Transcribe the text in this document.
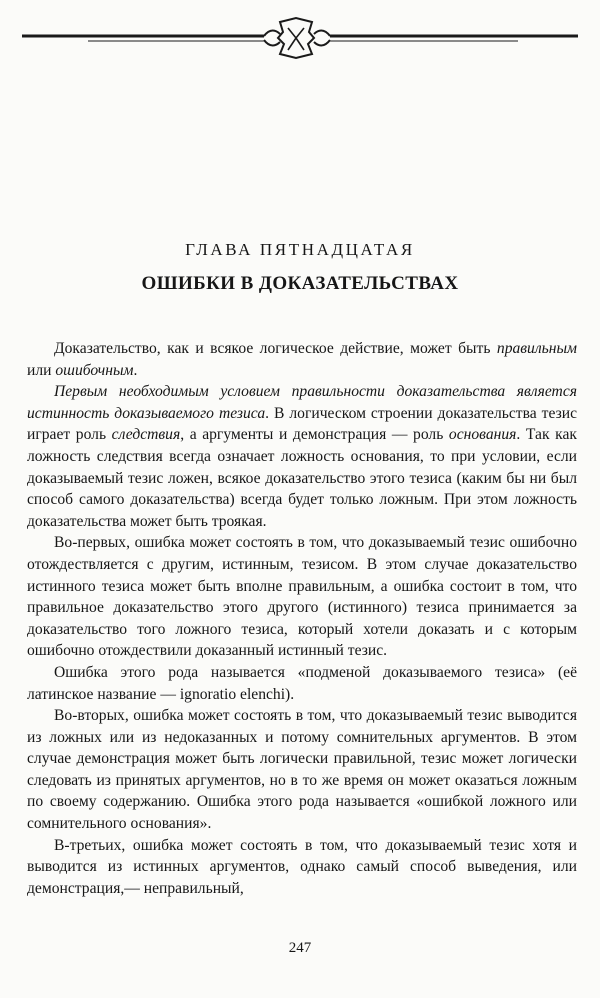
ГЛАВА ПЯТНАДЦАТАЯ
ОШИБКИ В ДОКАЗАТЕЛЬСТВАХ

Доказательство, как и всякое логическое действие, может быть правильным или ошибочным.

Первым необходимым условием правильности доказательства является истинность доказываемого тезиса. В логическом строении доказательства тезис играет роль следствия, а аргументы и демонстрация — роль основания. Так как ложность следствия всегда означает ложность основания, то при условии, если доказываемый тезис ложен, всякое доказательство этого тезиса (каким бы ни был способ самого доказательства) всегда будет только ложным. При этом ложность доказательства может быть троякая.

Во-первых, ошибка может состоять в том, что доказываемый тезис ошибочно отождествляется с другим, истинным, тезисом. В этом случае доказательство истинного тезиса может быть вполне правильным, а ошибка состоит в том, что правильное доказательство этого другого (истинного) тезиса принимается за доказательство того ложного тезиса, который хотели доказать и с которым ошибочно отождествили доказанный истинный тезис.

Ошибка этого рода называется «подменой доказываемого тезиса» (её латинское название — ignoratio elenchi).

Во-вторых, ошибка может состоять в том, что доказываемый тезис выводится из ложных или из недоказанных и потому сомнительных аргументов. В этом случае демонстрация может быть логически правильной, тезис может логически следовать из принятых аргументов, но в то же время он может оказаться ложным по своему содержанию. Ошибка этого рода называется «ошибкой ложного или сомнительного основания».

В-третьих, ошибка может состоять в том, что доказываемый тезис хотя и выводится из истинных аргументов, однако самый способ выведения, или демонстрация,— неправильный,

247
